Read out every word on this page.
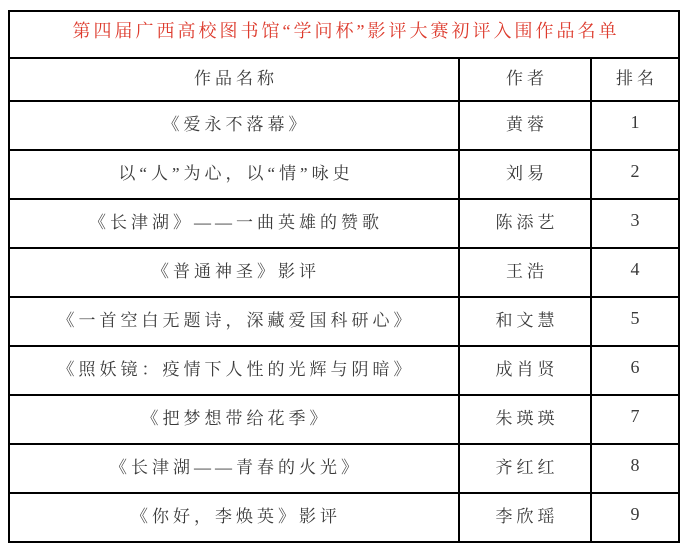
第四届广西高校图书馆“学问杯”影评大赛初评入围作品名单		
作品名称	作者	排名
《爱永不落幕》	黄蓉	1
以“人”为心，以“情”咏史	刘易	2
《长津湖》——一曲英雄的赞歌	陈添艺	3
《普通神圣》影评	王浩	4
《一首空白无题诗，深藏爱国科研心》	和文慧	5
《照妖镜：疫情下人性的光辉与阴暗》	成肖贤	6
《把梦想带给花季》	朱瑛瑛	7
《长津湖——青春的火光》	齐红红	8
《你好，李焕英》影评	李欣瑶	9
